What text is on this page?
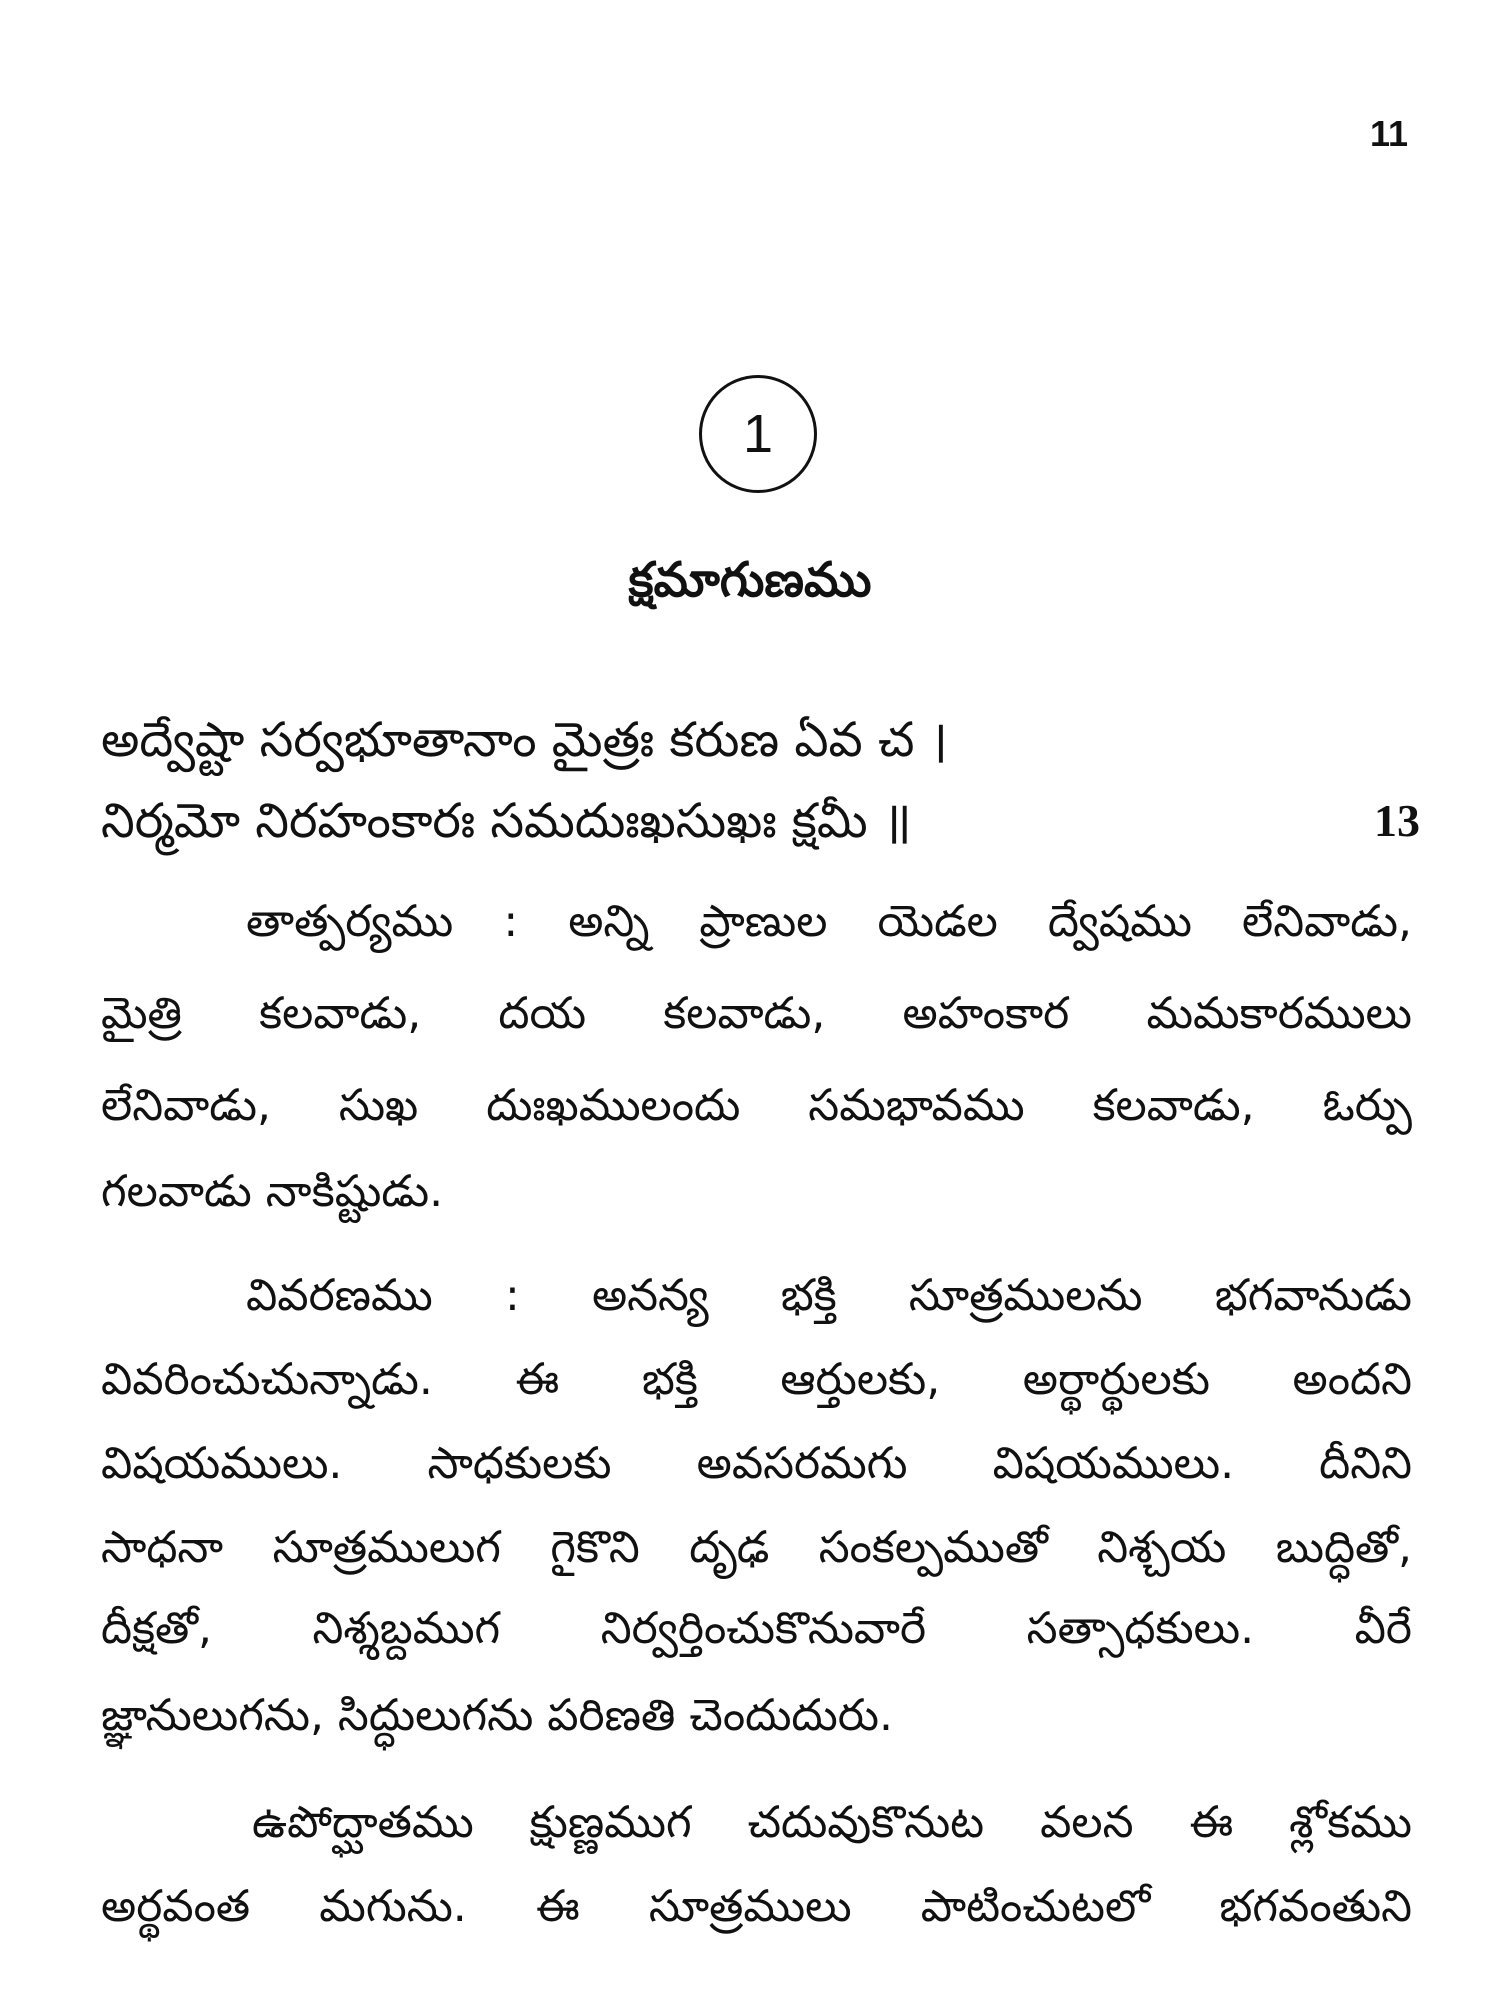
11
1
క్షమాగుణము
అద్వేష్టా సర్వభూతానాం మైత్రః కరుణ ఏవ చ ।
నిర్మమో నిరహంకారః సమదుఃఖసుఖః క్షమీ ॥	13
తాత్పర్యము : అన్ని ప్రాణుల యెడల ద్వేషము లేనివాడు,
మైత్రి కలవాడు, దయ కలవాడు, అహంకార మమకారములు
లేనివాడు, సుఖ దుఃఖములందు సమభావము కలవాడు, ఓర్పు
గలవాడు నాకిష్టుడు.
వివరణము : అనన్య భక్తి సూత్రములను భగవానుడు
వివరించుచున్నాడు. ఈ భక్తి ఆర్తులకు, అర్థార్థులకు అందని
విషయములు. సాధకులకు అవసరమగు విషయములు. దీనిని
సాధనా సూత్రములుగ గైకొని దృఢ సంకల్పముతో నిశ్చయ బుద్ధితో,
దీక్షతో, నిశ్శబ్దముగ నిర్వర్తించుకొనువారే సత్సాధకులు. వీరే
జ్ఞానులుగను, సిద్ధులుగను పరిణతి చెందుదురు.
ఉపోద్ఘాతము క్షుణ్ణముగ చదువుకొనుట వలన ఈ శ్లోకము
అర్థవంత మగును. ఈ సూత్రములు పాటించుటలో భగవంతుని
